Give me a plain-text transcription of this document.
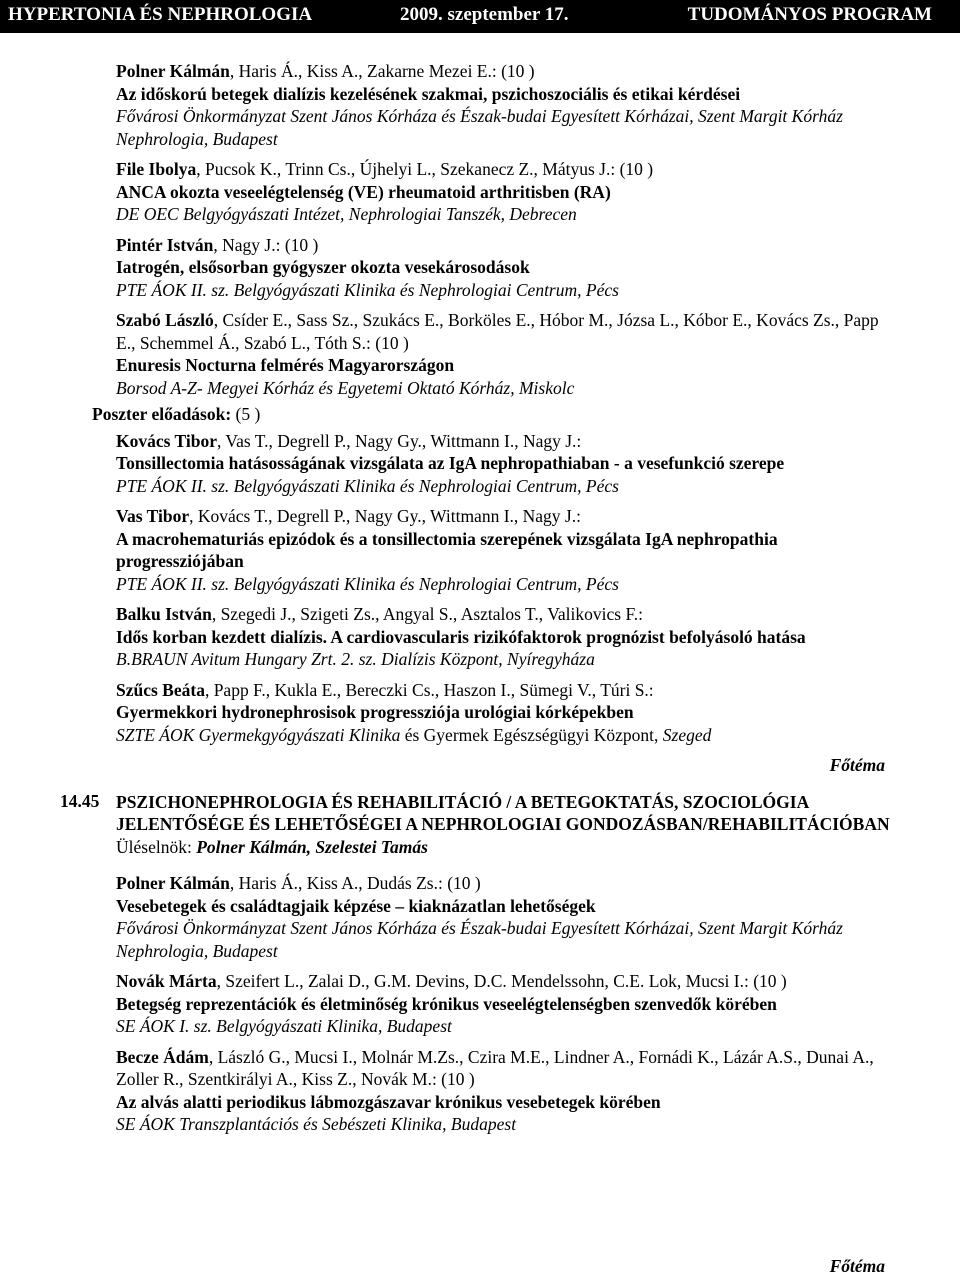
HYPERTONIA ÉS NEPHROLOGIA	2009. szeptember 17.	TUDOMÁNYOS PROGRAM
Polner Kálmán, Haris Á., Kiss A., Zakarne Mezei E.: (10 )
Az időskorú betegek dialízis kezelésének szakmai, pszichoszociális és etikai kérdései
Fővárosi Önkormányzat Szent János Kórháza és Észak-budai Egyesített Kórházai, Szent Margit Kórház Nephrologia, Budapest
File Ibolya, Pucsok K., Trinn Cs., Újhelyi L., Szekanecz Z., Mátyus J.: (10 )
ANCA okozta veseelégtelenség (VE) rheumatoid arthritisben (RA)
DE OEC Belgyógyászati Intézet, Nephrologiai Tanszék, Debrecen
Pintér István, Nagy J.: (10 )
Iatrogén, elsősorban gyógyszer okozta vesekárosodások
PTE ÁOK II. sz. Belgyógyászati Klinika és Nephrologiai Centrum, Pécs
Szabó László, Csíder E., Sass Sz., Szukács E., Borköles E., Hóbor M., Józsa L., Kóbor E., Kovács Zs., Papp E., Schemmel Á., Szabó L., Tóth S.: (10 )
Enuresis Nocturna felmérés Magyarországon
Borsod A-Z- Megyei Kórház és Egyetemi Oktató Kórház, Miskolc
Poszter előadások: (5 )
Kovács Tibor, Vas T., Degrell P., Nagy Gy., Wittmann I., Nagy J.:
Tonsillectomia hatásosságának vizsgálata az IgA nephropathiaban - a vesefunkció szerepe
PTE ÁOK II. sz. Belgyógyászati Klinika és Nephrologiai Centrum, Pécs
Vas Tibor, Kovács T., Degrell P., Nagy Gy., Wittmann I., Nagy J.:
A macrohematuriás epizódok és a tonsillectomia szerepének vizsgálata IgA nephropathia progressziójában
PTE ÁOK II. sz. Belgyógyászati Klinika és Nephrologiai Centrum, Pécs
Balku István, Szegedi J., Szigeti Zs., Angyal S., Asztalos T., Valikovics F.:
Idős korban kezdett dialízis. A cardiovascularis rizikófaktorok prognózist befolyásoló hatása
B.BRAUN Avitum Hungary Zrt. 2. sz. Dialízis Központ, Nyíregyháza
Szűcs Beáta, Papp F., Kukla E., Bereczki Cs., Haszon I., Sümegi V., Túri S.:
Gyermekkori hydronephrosisok progressziója urológiai kórképekben
SZTE ÁOK Gyermekgyógyászati Klinika és Gyermek Egészségügyi Központ, Szeged
Főtéma
14.45 PSZICHONEPHROLOGIA ÉS REHABILITÁCIÓ / A BETEGOKTATÁS, SZOCIOLÓGIA JELENTŐSÉGE ÉS LEHETŐSÉGEI A NEPHROLOGIAI GONDOZÁSBAN/REHABILITÁCIÓBAN
Üléselnök: Polner Kálmán, Szelestei Tamás
Polner Kálmán, Haris Á., Kiss A., Dudás Zs.: (10 )
Vesebetegek és családtagjaik képzése – kiaknázatlan lehetőségek
Fővárosi Önkormányzat Szent János Kórháza és Észak-budai Egyesített Kórházai, Szent Margit Kórház Nephrologia, Budapest
Novák Márta, Szeifert L., Zalai D., G.M. Devins, D.C. Mendelssohn, C.E. Lok, Mucsi I.: (10 )
Betegség reprezentációk és életminőség krónikus veseelégtelenségben szenvedők körében
SE ÁOK I. sz. Belgyógyászati Klinika, Budapest
Becze Ádám, László G., Mucsi I., Molnár M.Zs., Czira M.E., Lindner A., Fornádi K., Lázár A.S., Dunai A., Zoller R., Szentkirályi A., Kiss Z., Novák M.: (10 )
Az alvás alatti periodikus lábmozgászavar krónikus vesebetegek körében
SE ÁOK Transzplantációs és Sebészeti Klinika, Budapest
Főtéma
